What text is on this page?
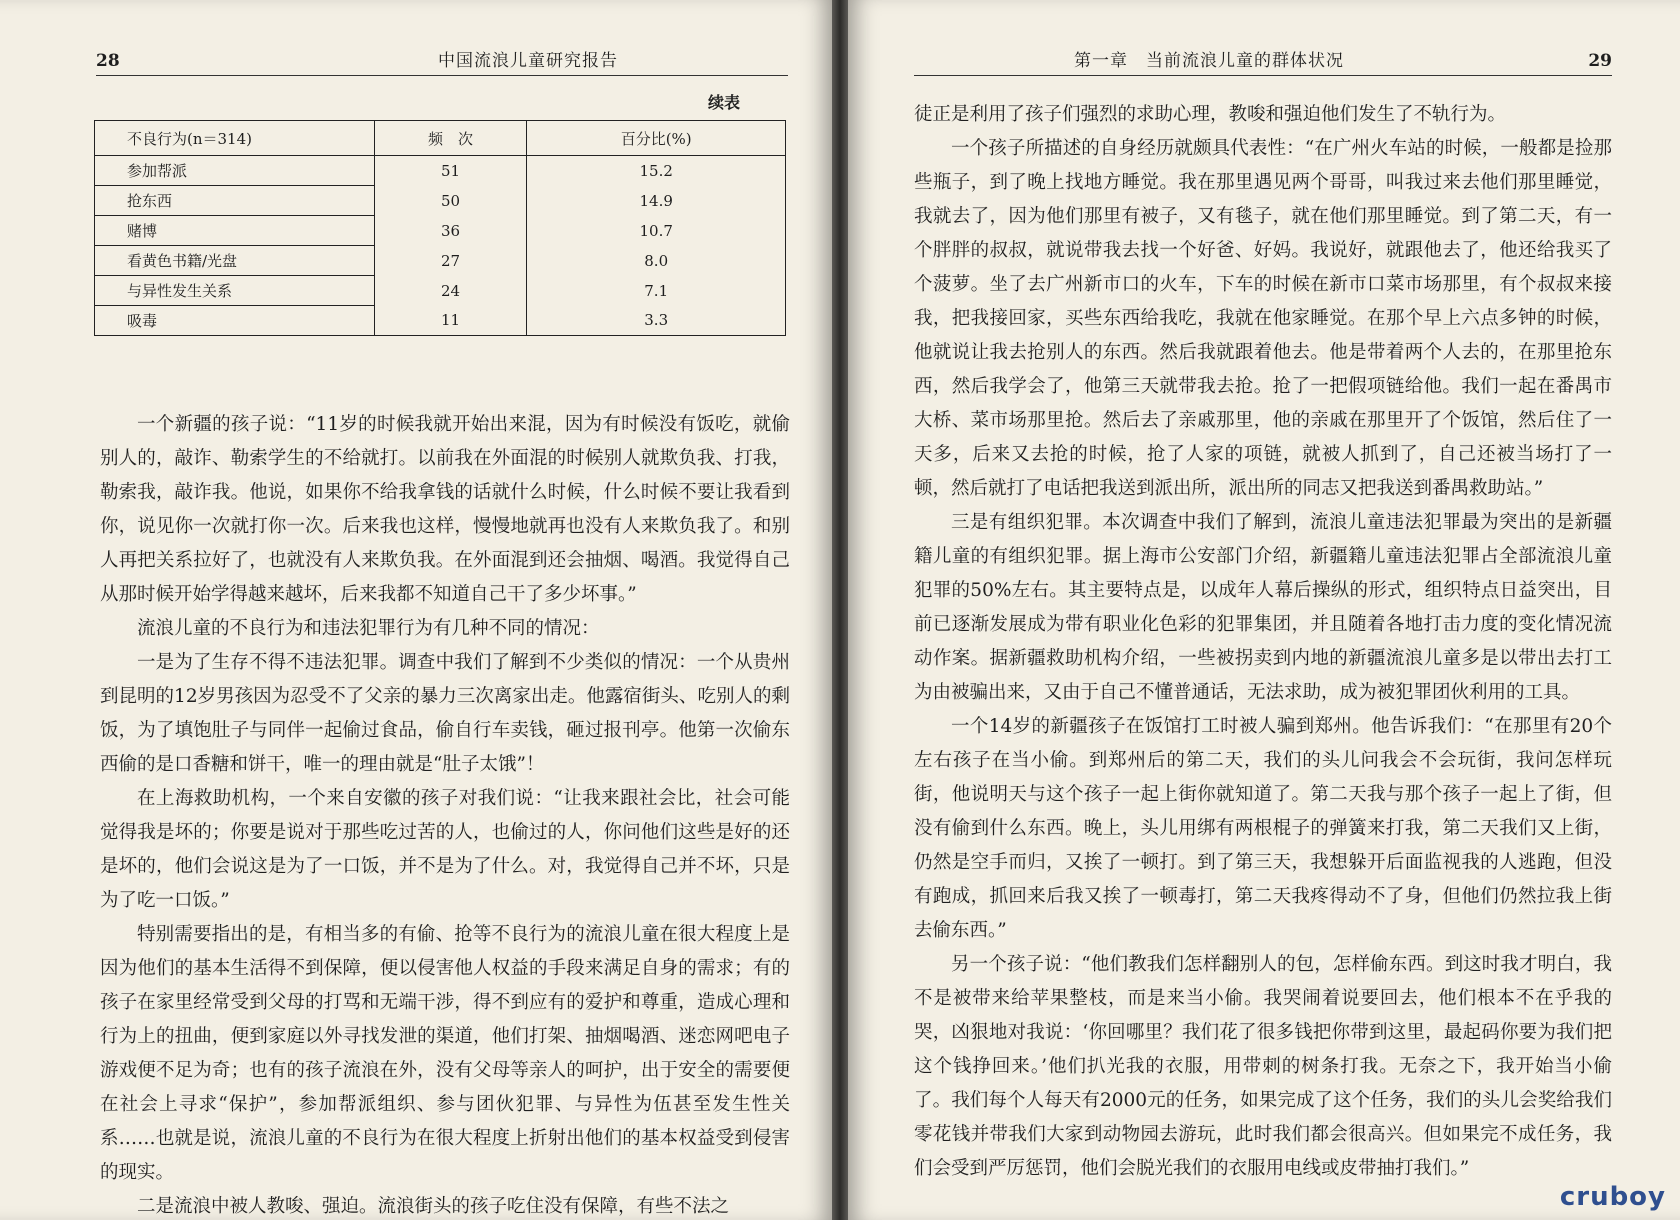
28	中国流浪儿童研究报告
续表
不良行为(n＝314)	频　次	百分比(%)
参加帮派	51	15.2
抢东西	50	14.9
赌博	36	10.7
看黄色书籍/光盘	27	8.0
与异性发生关系	24	7.1
吸毒	11	3.3

一个新疆的孩子说：“11岁的时候我就开始出来混，因为有时候没有饭吃，就偷别人的，敲诈、勒索学生的不给就打。以前我在外面混的时候别人就欺负我、打我，勒索我，敲诈我。他说，如果你不给我拿钱的话就什么时候，什么时候不要让我看到你，说见你一次就打你一次。后来我也这样，慢慢地就再也没有人来欺负我了。和别人再把关系拉好了，也就没有人来欺负我。在外面混到还会抽烟、喝酒。我觉得自己从那时候开始学得越来越坏，后来我都不知道自己干了多少坏事。”

流浪儿童的不良行为和违法犯罪行为有几种不同的情况：

一是为了生存不得不违法犯罪。调查中我们了解到不少类似的情况：一个从贵州到昆明的12岁男孩因为忍受不了父亲的暴力三次离家出走。他露宿街头、吃别人的剩饭，为了填饱肚子与同伴一起偷过食品，偷自行车卖钱，砸过报刊亭。他第一次偷东西偷的是口香糖和饼干，唯一的理由就是“肚子太饿”！

在上海救助机构，一个来自安徽的孩子对我们说：“让我来跟社会比，社会可能觉得我是坏的；你要是说对于那些吃过苦的人，也偷过的人，你问他们这些是好的还是坏的，他们会说这是为了一口饭，并不是为了什么。对，我觉得自己并不坏，只是为了吃一口饭。”

特别需要指出的是，有相当多的有偷、抢等不良行为的流浪儿童在很大程度上是因为他们的基本生活得不到保障，便以侵害他人权益的手段来满足自身的需求；有的孩子在家里经常受到父母的打骂和无端干涉，得不到应有的爱护和尊重，造成心理和行为上的扭曲，便到家庭以外寻找发泄的渠道，他们打架、抽烟喝酒、迷恋网吧电子游戏便不足为奇；也有的孩子流浪在外，没有父母等亲人的呵护，出于安全的需要便在社会上寻求“保护”，参加帮派组织、参与团伙犯罪、与异性为伍甚至发生性关系……也就是说，流浪儿童的不良行为在很大程度上折射出他们的基本权益受到侵害的现实。

二是流浪中被人教唆、强迫。流浪街头的孩子吃住没有保障，有些不法之

第一章　当前流浪儿童的群体状况	29

徒正是利用了孩子们强烈的求助心理，教唆和强迫他们发生了不轨行为。

一个孩子所描述的自身经历就颇具代表性：“在广州火车站的时候，一般都是捡那些瓶子，到了晚上找地方睡觉。我在那里遇见两个哥哥，叫我过来去他们那里睡觉，我就去了，因为他们那里有被子，又有毯子，就在他们那里睡觉。到了第二天，有一个胖胖的叔叔，就说带我去找一个好爸、好妈。我说好，就跟他去了，他还给我买了个菠萝。坐了去广州新市口的火车，下车的时候在新市口菜市场那里，有个叔叔来接我，把我接回家，买些东西给我吃，我就在他家睡觉。在那个早上六点多钟的时候，他就说让我去抢别人的东西。然后我就跟着他去。他是带着两个人去的，在那里抢东西，然后我学会了，他第三天就带我去抢。抢了一把假项链给他。我们一起在番禺市大桥、菜市场那里抢。然后去了亲戚那里，他的亲戚在那里开了个饭馆，然后住了一天多，后来又去抢的时候，抢了人家的项链，就被人抓到了，自己还被当场打了一顿，然后就打了电话把我送到派出所，派出所的同志又把我送到番禺救助站。”

三是有组织犯罪。本次调查中我们了解到，流浪儿童违法犯罪最为突出的是新疆籍儿童的有组织犯罪。据上海市公安部门介绍，新疆籍儿童违法犯罪占全部流浪儿童犯罪的50%左右。其主要特点是，以成年人幕后操纵的形式，组织特点日益突出，目前已逐渐发展成为带有职业化色彩的犯罪集团，并且随着各地打击力度的变化情况流动作案。据新疆救助机构介绍，一些被拐卖到内地的新疆流浪儿童多是以带出去打工为由被骗出来，又由于自己不懂普通话，无法求助，成为被犯罪团伙利用的工具。

一个14岁的新疆孩子在饭馆打工时被人骗到郑州。他告诉我们：“在那里有20个左右孩子在当小偷。到郑州后的第二天，我们的头儿问我会不会玩街，我问怎样玩街，他说明天与这个孩子一起上街你就知道了。第二天我与那个孩子一起上了街，但没有偷到什么东西。晚上，头儿用绑有两根棍子的弹簧来打我，第二天我们又上街，仍然是空手而归，又挨了一顿打。到了第三天，我想躲开后面监视我的人逃跑，但没有跑成，抓回来后我又挨了一顿毒打，第二天我疼得动不了身，但他们仍然拉我上街去偷东西。”

另一个孩子说：“他们教我们怎样翻别人的包，怎样偷东西。到这时我才明白，我不是被带来给苹果整枝，而是来当小偷。我哭闹着说要回去，他们根本不在乎我的哭，凶狠地对我说：‘你回哪里？我们花了很多钱把你带到这里，最起码你要为我们把这个钱挣回来。’他们扒光我的衣服，用带刺的树条打我。无奈之下，我开始当小偷了。我们每个人每天有2000元的任务，如果完成了这个任务，我们的头儿会奖给我们零花钱并带我们大家到动物园去游玩，此时我们都会很高兴。但如果完不成任务，我们会受到严厉惩罚，他们会脱光我们的衣服用电线或皮带抽打我们。”

cruboy
